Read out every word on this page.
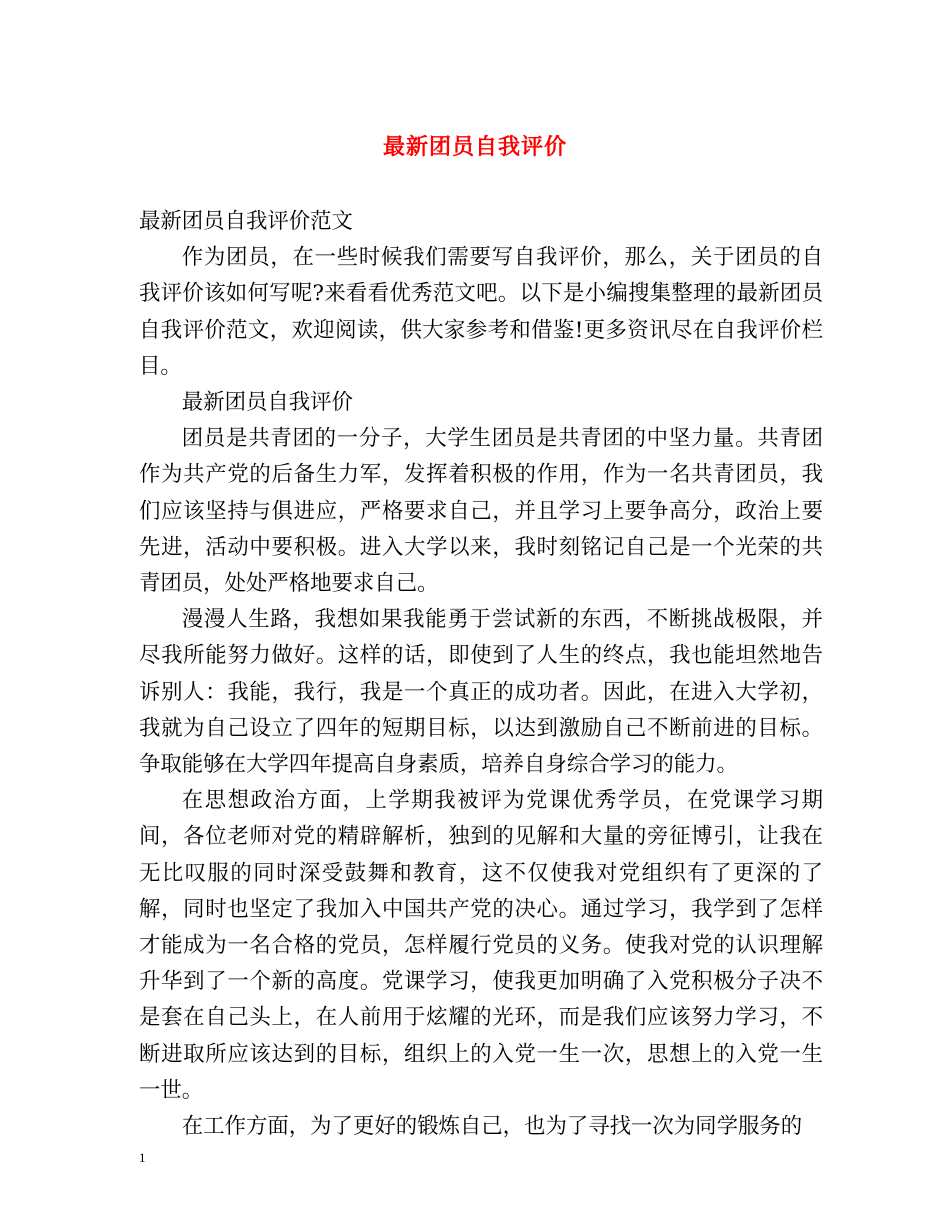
最新团员自我评价

最新团员自我评价范文

作为团员，在一些时候我们需要写自我评价，那么，关于团员的自我评价该如何写呢?来看看优秀范文吧。以下是小编搜集整理的最新团员自我评价范文，欢迎阅读，供大家参考和借鉴!更多资讯尽在自我评价栏目。

最新团员自我评价

团员是共青团的一分子，大学生团员是共青团的中坚力量。共青团作为共产党的后备生力军，发挥着积极的作用，作为一名共青团员，我们应该坚持与俱进应，严格要求自己，并且学习上要争高分，政治上要先进，活动中要积极。进入大学以来，我时刻铭记自己是一个光荣的共青团员，处处严格地要求自己。

漫漫人生路，我想如果我能勇于尝试新的东西，不断挑战极限，并尽我所能努力做好。这样的话，即使到了人生的终点，我也能坦然地告诉别人：我能，我行，我是一个真正的成功者。因此，在进入大学初，我就为自己设立了四年的短期目标，以达到激励自己不断前进的目标。争取能够在大学四年提高自身素质，培养自身综合学习的能力。

在思想政治方面，上学期我被评为党课优秀学员，在党课学习期间，各位老师对党的精辟解析，独到的见解和大量的旁征博引，让我在无比叹服的同时深受鼓舞和教育，这不仅使我对党组织有了更深的了解，同时也坚定了我加入中国共产党的决心。通过学习，我学到了怎样才能成为一名合格的党员，怎样履行党员的义务。使我对党的认识理解升华到了一个新的高度。党课学习，使我更加明确了入党积极分子决不是套在自己头上，在人前用于炫耀的光环，而是我们应该努力学习，不断进取所应该达到的目标，组织上的入党一生一次，思想上的入党一生一世。

在工作方面，为了更好的锻炼自己，也为了寻找一次为同学服务的

1
